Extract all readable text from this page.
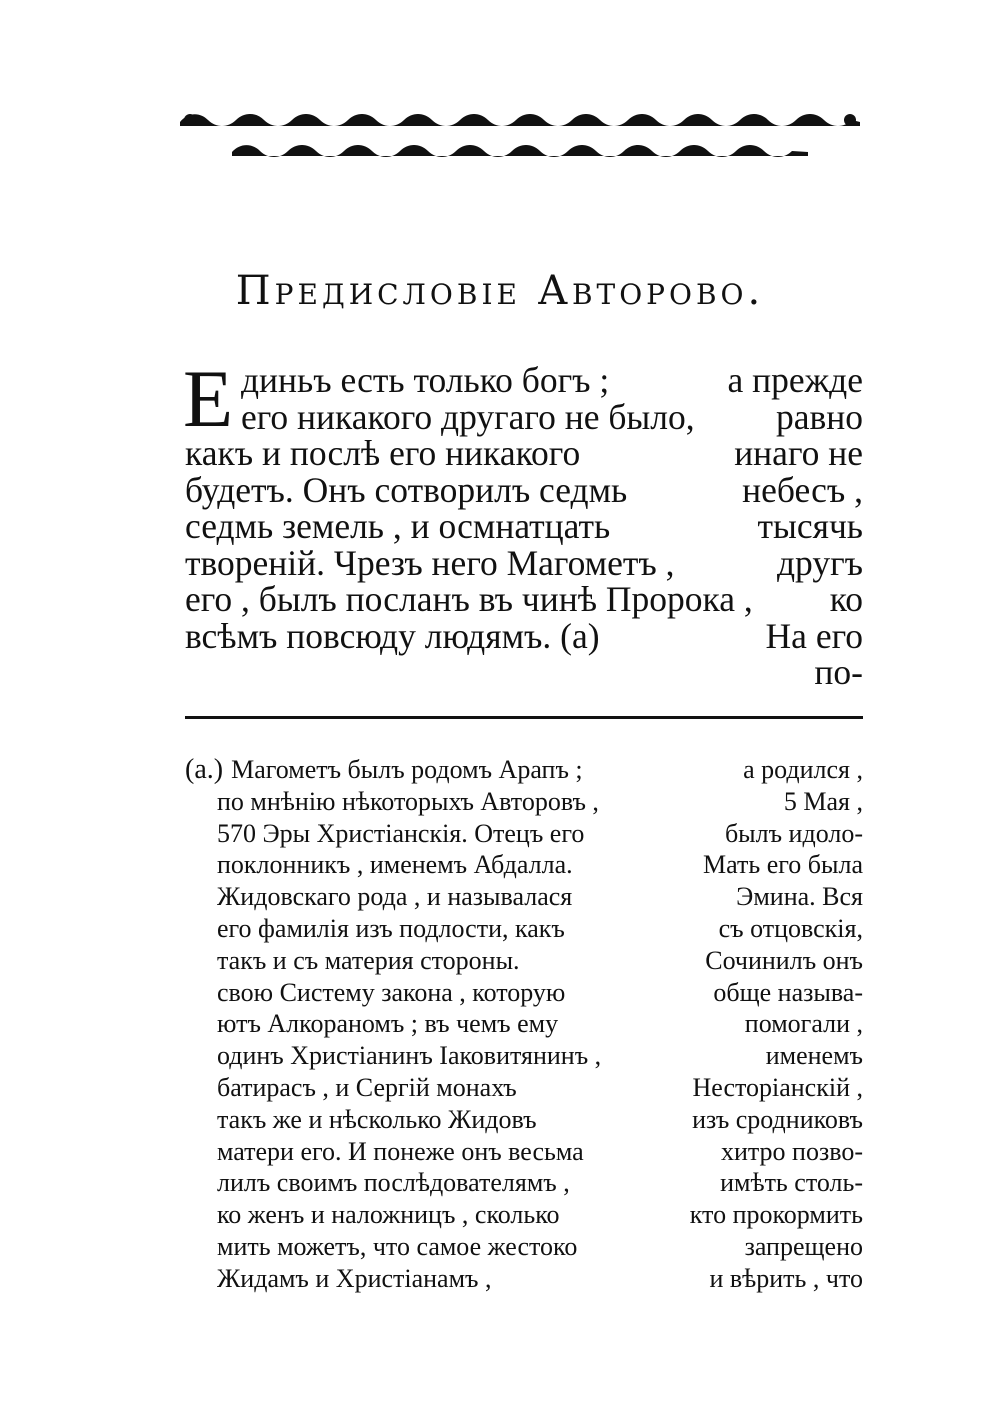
Предисловіе Авторово.
Е диньъ есть только богъ ;	а прежде
его никакого другаго не было, равно
какъ и послѣ его никакого	инаго не
будетъ. Онъ сотворилъ седмь	небесъ ,
седмь земель , и осмнатцать	тысячь
твореній. Чрезъ него Магометъ ,	другъ
его , былъ посланъ въ чинѣ Пророка , ко
всѣмъ повсюду людямъ. (а)	На его
по-
(а.) Магометъ былъ родомъ Арапъ ;	а родился ,
по мнѣнію нѣкоторыхъ Авторовъ ,	5 Мая ,
570 Эры Христіанскія. Отецъ его	былъ идоло-
поклонникъ , именемъ Абдалла.	Мать его была
Жидовскаго рода , и называлася	Эмина. Вся
его фамилія изъ подлости, какъ	съ отцовскія,
такъ и съ материя стороны.	Сочинилъ онъ
свою Систему закона , которую	обще называ-
ютъ Алкораномъ ; въ чемъ ему	помогали ,
одинъ Христіанинъ Іаковитянинъ ,	именемъ
батирасъ , и Сергій монахъ	Несторіанскій ,
такъ же и нѣсколько Жидовъ	изъ сродниковъ
матери его. И понеже онъ весьма	хитро позво-
лилъ своимъ послѣдователямъ ,	имѣть столь-
ко женъ и наложницъ , сколько	кто прокормить
мить можетъ, что самое жестоко	запрещено
Жидамъ и Христіанамъ ,	и вѣрить , что
